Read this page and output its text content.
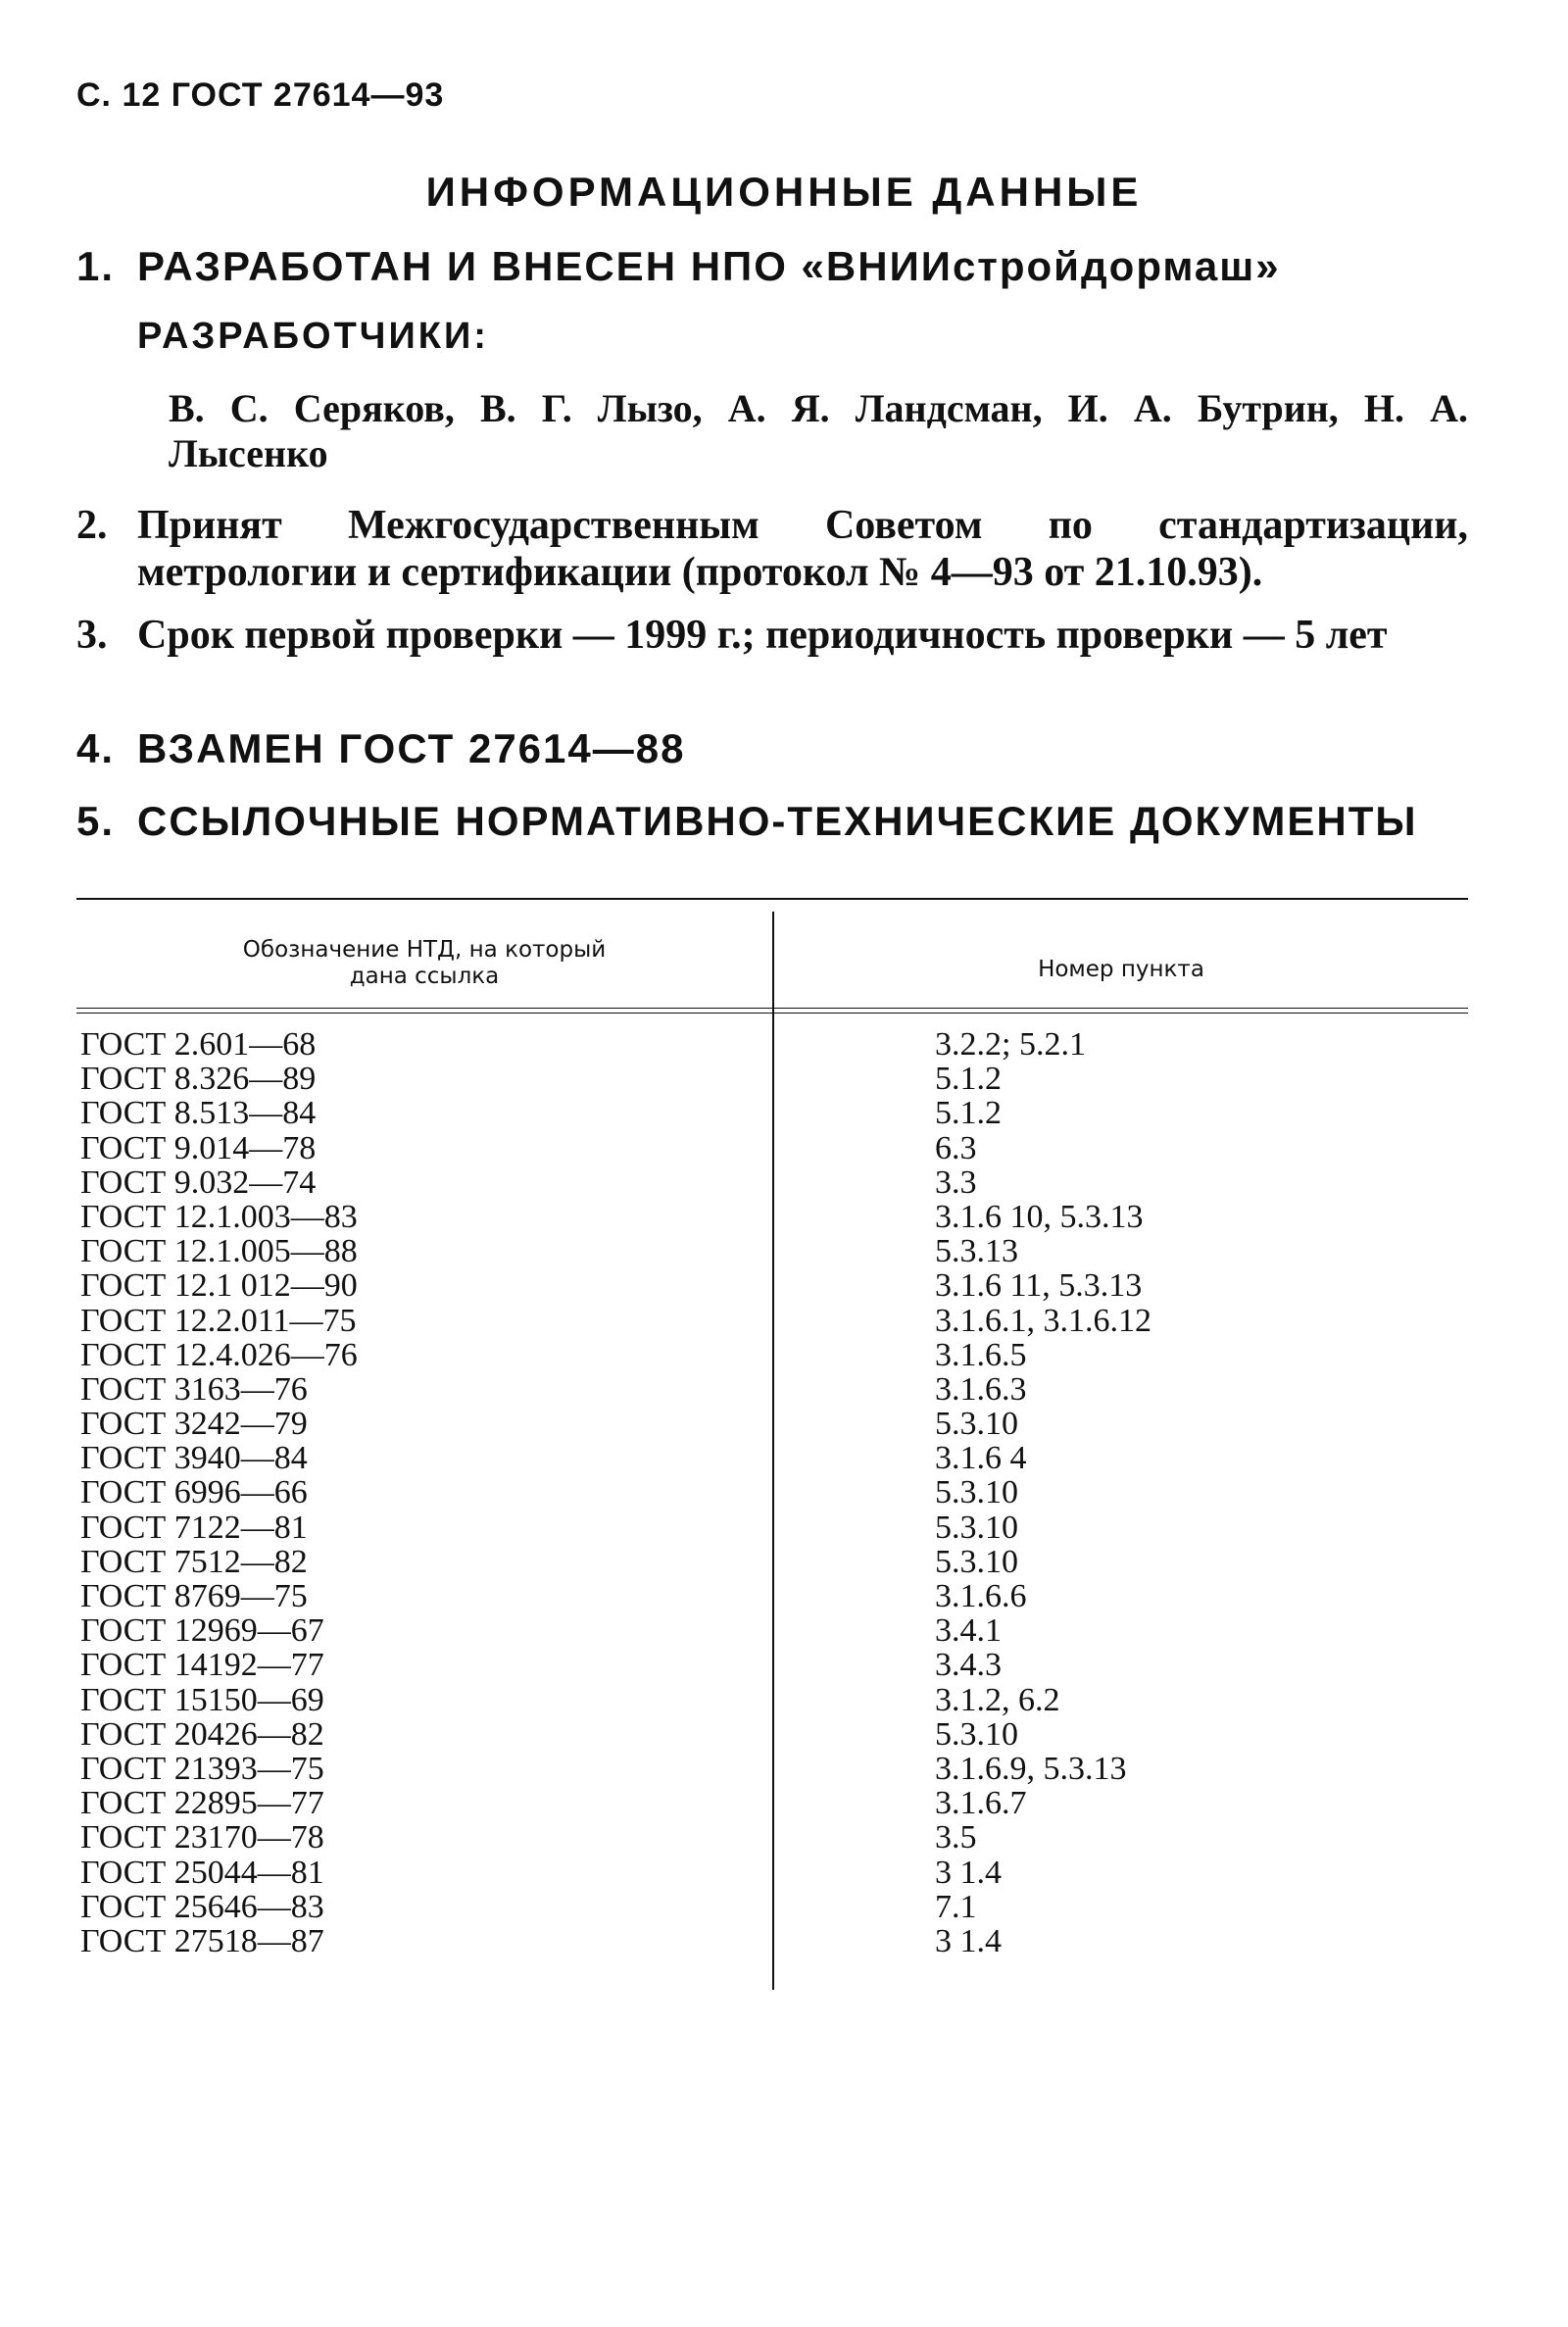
С. 12 ГОСТ 27614—93
ИНФОРМАЦИОННЫЕ ДАННЫЕ
1. РАЗРАБОТАН И ВНЕСЕН НПО «ВНИИстройдормаш»
РАЗРАБОТЧИКИ:
В. С. Серяков, В. Г. Лызо, А. Я. Ландсман, И. А. Бутрин, Н. А. Лысенко
2. Принят Межгосударственным Советом по стандартизации, метрологии и сертификации (протокол № 4—93 от 21.10.93).
3. Срок первой проверки — 1999 г.; периодичность проверки — 5 лет
4. ВЗАМЕН ГОСТ 27614—88
5. ССЫЛОЧНЫЕ НОРМАТИВНО-ТЕХНИЧЕСКИЕ ДОКУМЕНТЫ
Обозначение НТД, на который
дана ссылка	Номер пункта
ГОСТ 2.601—68	3.2.2; 5.2.1
ГОСТ 8.326—89	5.1.2
ГОСТ 8.513—84	5.1.2
ГОСТ 9.014—78	6.3
ГОСТ 9.032—74	3.3
ГОСТ 12.1.003—83	3.1.6 10, 5.3.13
ГОСТ 12.1.005—88	5.3.13
ГОСТ 12.1 012—90	3.1.6 11, 5.3.13
ГОСТ 12.2.011—75	3.1.6.1, 3.1.6.12
ГОСТ 12.4.026—76	3.1.6.5
ГОСТ 3163—76	3.1.6.3
ГОСТ 3242—79	5.3.10
ГОСТ 3940—84	3.1.6 4
ГОСТ 6996—66	5.3.10
ГОСТ 7122—81	5.3.10
ГОСТ 7512—82	5.3.10
ГОСТ 8769—75	3.1.6.6
ГОСТ 12969—67	3.4.1
ГОСТ 14192—77	3.4.3
ГОСТ 15150—69	3.1.2, 6.2
ГОСТ 20426—82	5.3.10
ГОСТ 21393—75	3.1.6.9, 5.3.13
ГОСТ 22895—77	3.1.6.7
ГОСТ 23170—78	3.5
ГОСТ 25044—81	3 1.4
ГОСТ 25646—83	7.1
ГОСТ 27518—87	3 1.4
